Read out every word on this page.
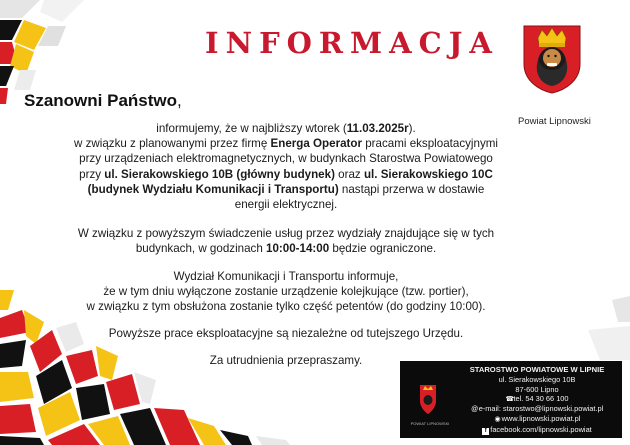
INFORMACJA
Powiat Lipnowski
Szanowni Państwo,

informujemy, że w najbliższy wtorek (11.03.2025r).
w związku z planowanymi przez firmę Energa Operator pracami eksploatacyjnymi
przy urządzeniach elektromagnetycznych, w budynkach Starostwa Powiatowego
przy ul. Sierakowskiego 10B (główny budynek) oraz ul. Sierakowskiego 10C
(budynek Wydziału Komunikacji i Transportu) nastąpi przerwa w dostawie
energii elektrycznej.

W związku z powyższym świadczenie usług przez wydziały znajdujące się w tych
budynkach, w godzinach 10:00-14:00 będzie ograniczone.

Wydział Komunikacji i Transportu informuje,
że w tym dniu wyłączone zostanie urządzenie kolejkujące (tzw. portier),
w związku z tym obsłużona zostanie tylko część petentów (do godziny 10:00).

Powyższe prace eksploatacyjne są niezależne od tutejszego Urzędu.

Za utrudnienia przepraszamy.

POWIAT LIPNOWSKI
STAROSTWO POWIATOWE W LIPNIE
ul. Sierakowskiego 10B
87-600 Lipno
☎tel. 54 30 66 100
@e-mail: starostwo@lipnowski.powiat.pl
◉www.lipnowski.powiat.pl
f facebook.com/lipnowski.powiat
